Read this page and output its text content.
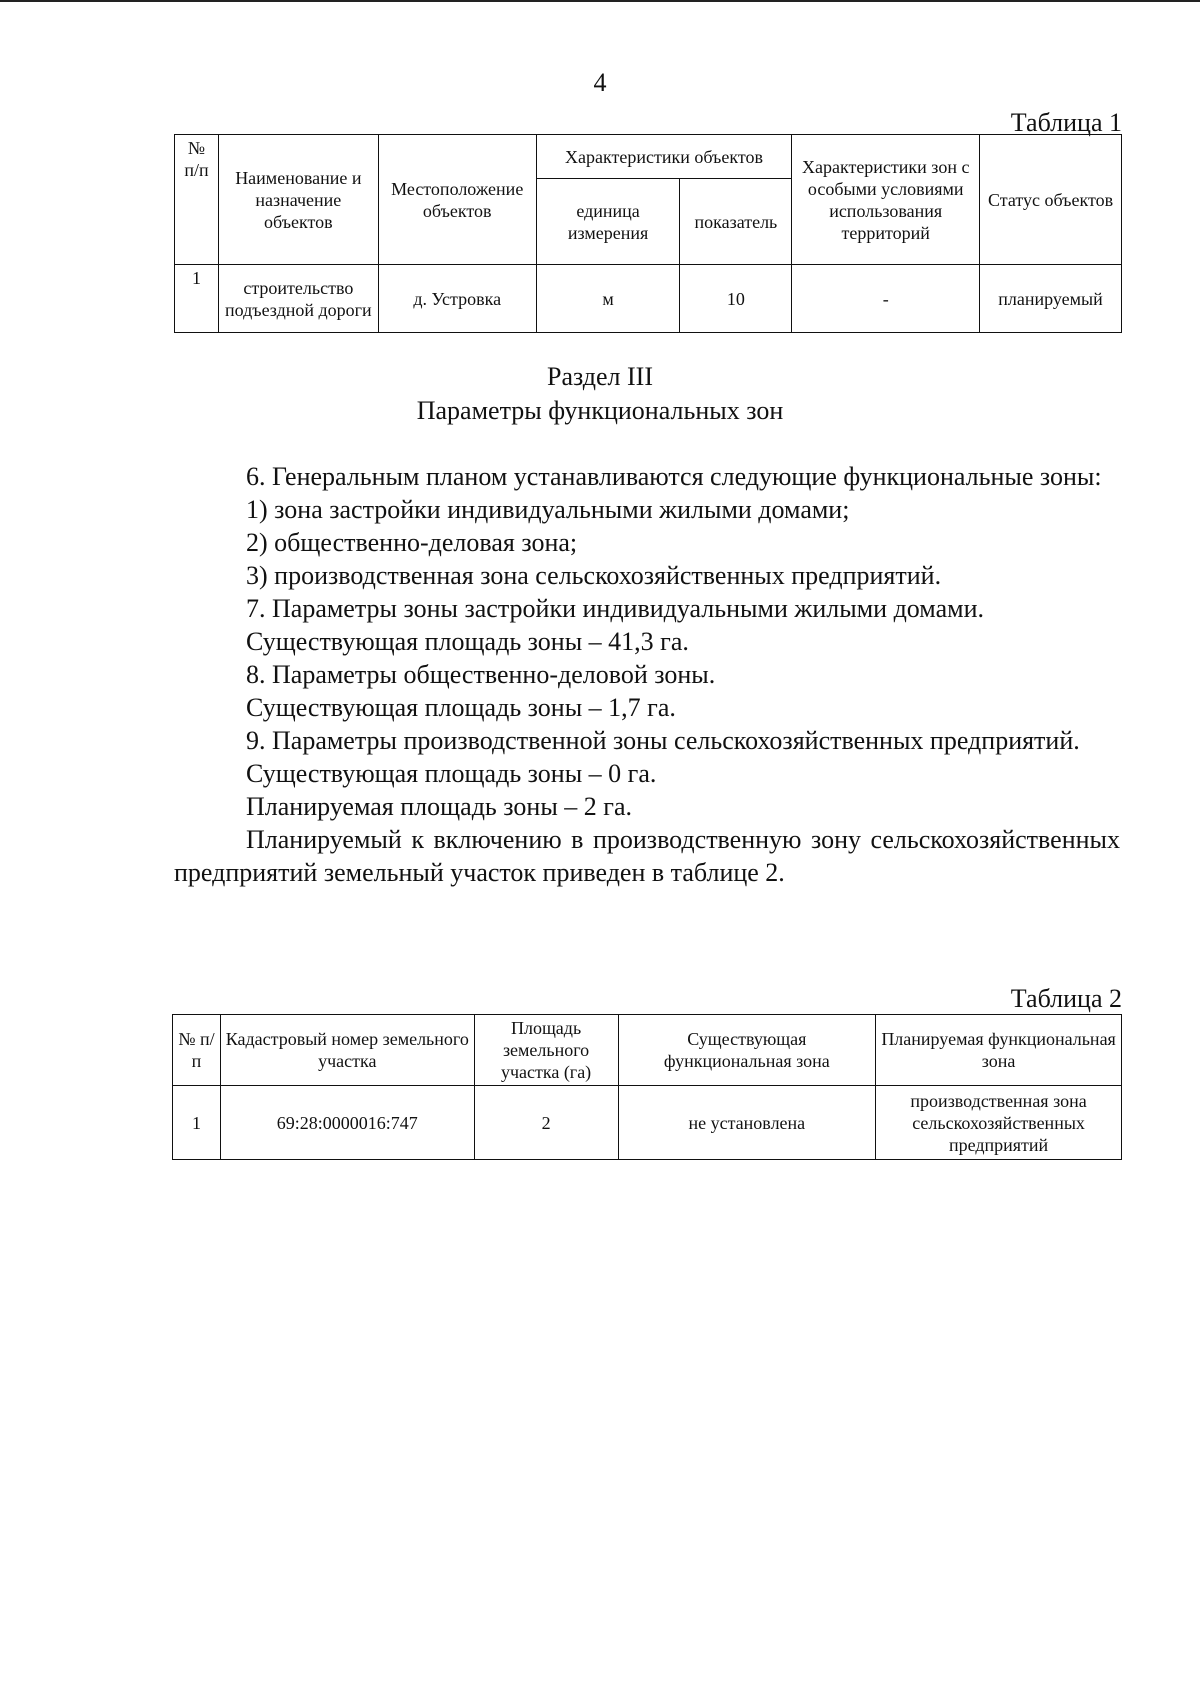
4
Таблица 1
№ п/п	Наименование и назначение объектов	Местоположение объектов	Характеристики объектов		Характеристики зон с особыми условиями использования территорий	Статус объектов
			единица измерения	показатель		
1	строительство подъездной дороги	д. Устровка	м	10	-	планируемый
Раздел III
Параметры функциональных зон

6. Генеральным планом устанавливаются следующие функциональные зоны:

1) зона застройки индивидуальными жилыми домами;

2) общественно-деловая зона;

3) производственная зона сельскохозяйственных предприятий.

7. Параметры зоны застройки индивидуальными жилыми домами.

Существующая площадь зоны – 41,3 га.

8. Параметры общественно-деловой зоны.

Существующая площадь зоны – 1,7 га.

9. Параметры производственной зоны сельскохозяйственных предприятий.

Существующая площадь зоны – 0 га.

Планируемая площадь зоны – 2 га.

Планируемый к включению в производственную зону сельскохозяйственных предприятий земельный участок приведен в таблице 2.

Таблица 2
№ п/п	Кадастровый номер земельного участка	Площадь земельного участка (га)	Существующая функциональная зона	Планируемая функциональная зона
1	69:28:0000016:747	2	не установлена	производственная зона сельскохозяйственных предприятий
